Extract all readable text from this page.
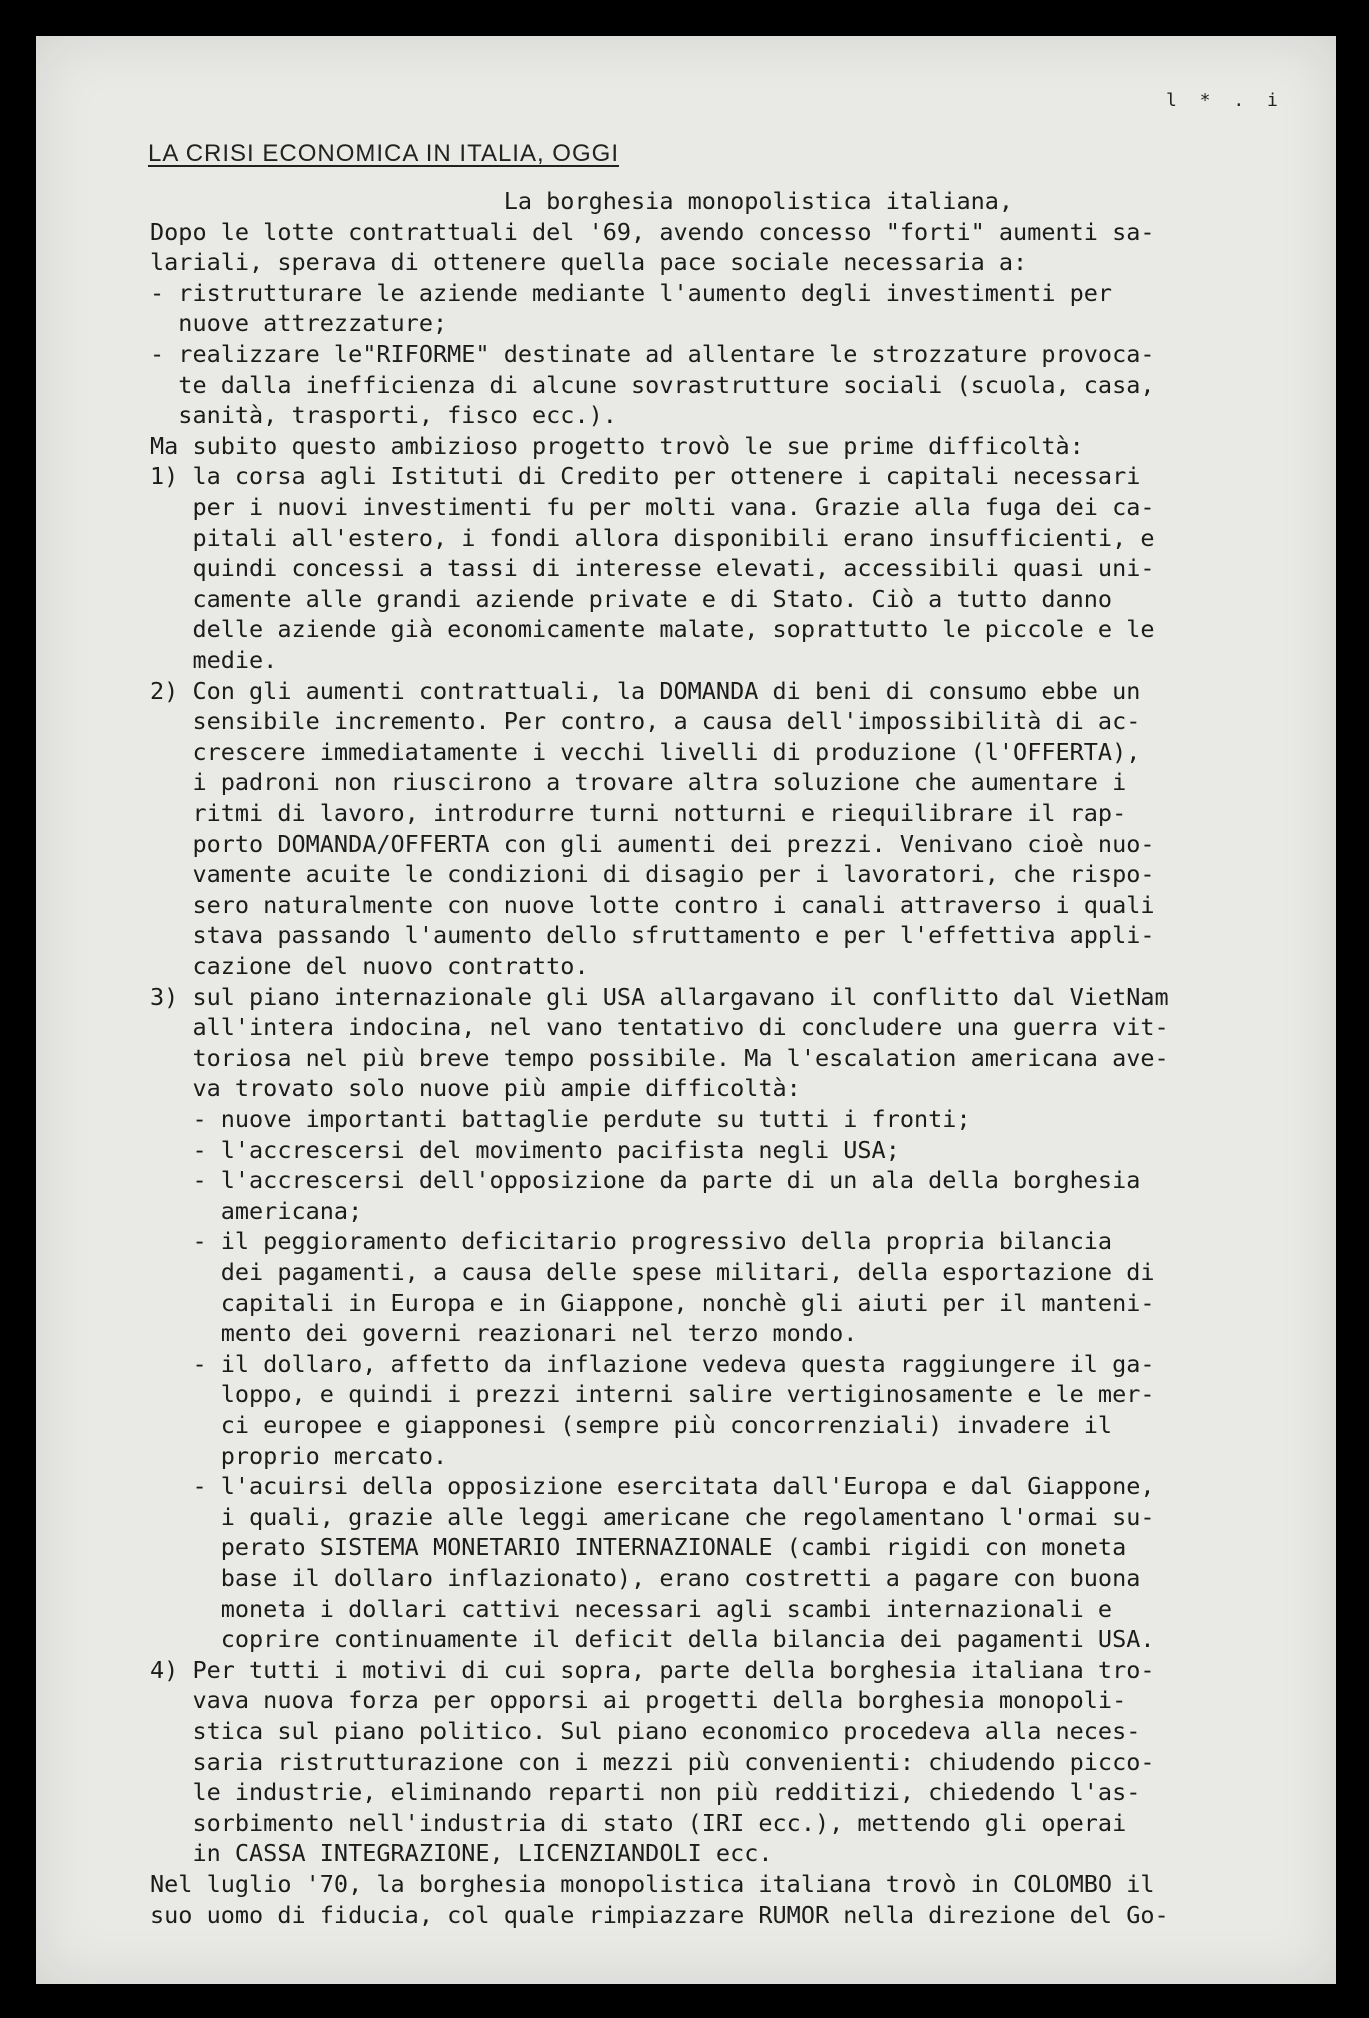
l * . i
LA CRISI ECONOMICA IN ITALIA, OGGI
La borghesia monopolistica italiana,
Dopo le lotte contrattuali del '69, avendo concesso "forti" aumenti sa-
lariali, sperava di ottenere quella pace sociale necessaria a:
- ristrutturare le aziende mediante l'aumento degli investimenti per
nuove attrezzature;
- realizzare le"RIFORME" destinate ad allentare le strozzature provoca-
te dalla inefficienza di alcune sovrastrutture sociali (scuola, casa,
sanità, trasporti, fisco ecc.).
Ma subito questo ambizioso progetto trovò le sue prime difficoltà:
1) la corsa agli Istituti di Credito per ottenere i capitali necessari
per i nuovi investimenti fu per molti vana. Grazie alla fuga dei ca-
pitali all'estero, i fondi allora disponibili erano insufficienti, e
quindi concessi a tassi di interesse elevati, accessibili quasi uni-
camente alle grandi aziende private e di Stato. Ciò a tutto danno
delle aziende già economicamente malate, soprattutto le piccole e le
medie.
2) Con gli aumenti contrattuali, la DOMANDA di beni di consumo ebbe un
sensibile incremento. Per contro, a causa dell'impossibilità di ac-
crescere immediatamente i vecchi livelli di produzione (l'OFFERTA),
i padroni non riuscirono a trovare altra soluzione che aumentare i
ritmi di lavoro, introdurre turni notturni e riequilibrare il rap-
porto DOMANDA/OFFERTA con gli aumenti dei prezzi. Venivano cioè nuo-
vamente acuite le condizioni di disagio per i lavoratori, che rispo-
sero naturalmente con nuove lotte contro i canali attraverso i quali
stava passando l'aumento dello sfruttamento e per l'effettiva appli-
cazione del nuovo contratto.
3) sul piano internazionale gli USA allargavano il conflitto dal VietNam
all'intera indocina, nel vano tentativo di concludere una guerra vit-
toriosa nel più breve tempo possibile. Ma l'escalation americana ave-
va trovato solo nuove più ampie difficoltà:
- nuove importanti battaglie perdute su tutti i fronti;
- l'accrescersi del movimento pacifista negli USA;
- l'accrescersi dell'opposizione da parte di un ala della borghesia
americana;
- il peggioramento deficitario progressivo della propria bilancia
dei pagamenti, a causa delle spese militari, della esportazione di
capitali in Europa e in Giappone, nonchè gli aiuti per il manteni-
mento dei governi reazionari nel terzo mondo.
- il dollaro, affetto da inflazione vedeva questa raggiungere il ga-
loppo, e quindi i prezzi interni salire vertiginosamente e le mer-
ci europee e giapponesi (sempre più concorrenziali) invadere il
proprio mercato.
- l'acuirsi della opposizione esercitata dall'Europa e dal Giappone,
i quali, grazie alle leggi americane che regolamentano l'ormai su-
perato SISTEMA MONETARIO INTERNAZIONALE (cambi rigidi con moneta
base il dollaro inflazionato), erano costretti a pagare con buona
moneta i dollari cattivi necessari agli scambi internazionali e
coprire continuamente il deficit della bilancia dei pagamenti USA.
4) Per tutti i motivi di cui sopra, parte della borghesia italiana tro-
vava nuova forza per opporsi ai progetti della borghesia monopoli-
stica sul piano politico. Sul piano economico procedeva alla neces-
saria ristrutturazione con i mezzi più convenienti: chiudendo picco-
le industrie, eliminando reparti non più redditizi, chiedendo l'as-
sorbimento nell'industria di stato (IRI ecc.), mettendo gli operai
in CASSA INTEGRAZIONE, LICENZIANDOLI ecc.
Nel luglio '70, la borghesia monopolistica italiana trovò in COLOMBO il
suo uomo di fiducia, col quale rimpiazzare RUMOR nella direzione del Go-
